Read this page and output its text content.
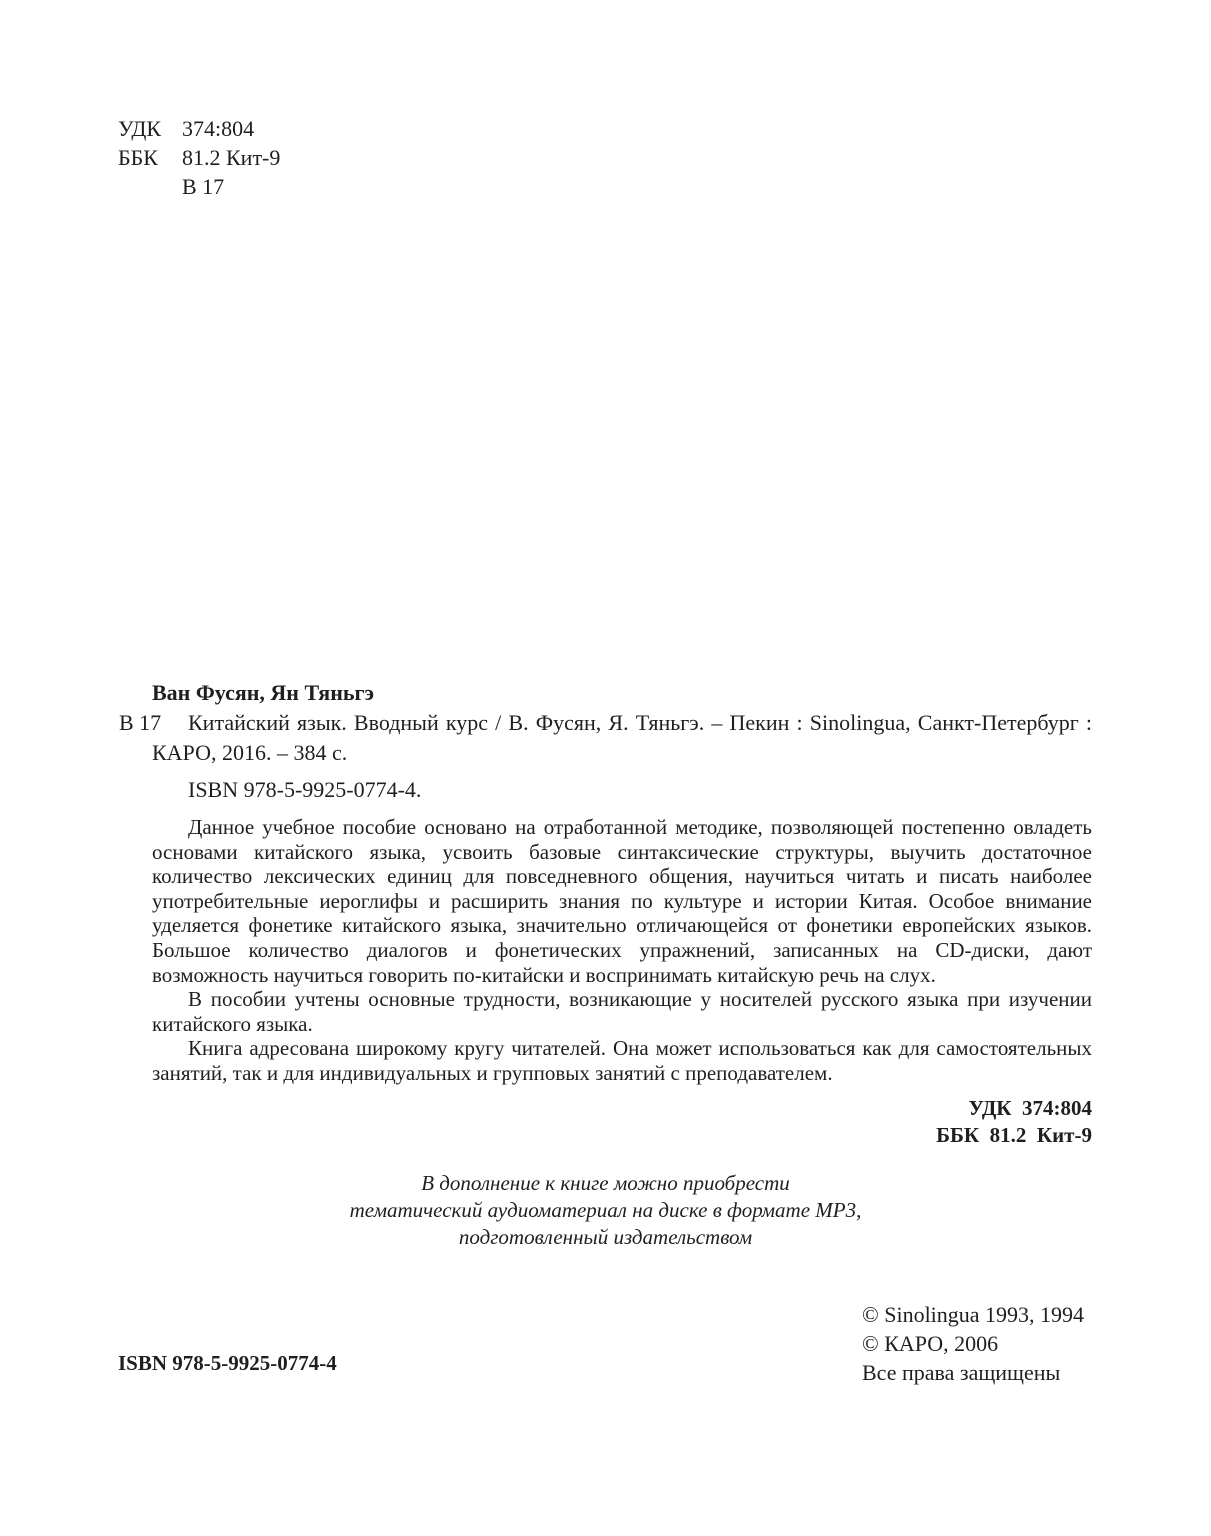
УДК 374:804
ББК 81.2 Кит-9
В 17
Ван Фусян, Ян Тяньгэ
В 17	Китайский язык. Вводный курс / В. Фусян, Я. Тяньгэ. – Пекин : Sinolingua, Санкт-Петербург : КАРО, 2016. – 384 с.

ISBN 978-5-9925-0774-4.

Данное учебное пособие основано на отработанной методике, позволяющей постепенно овладеть основами китайского языка, усвоить базовые синтаксические структуры, выучить достаточное количество лексических единиц для повседневного общения, научиться читать и писать наиболее употребительные иероглифы и расширить знания по культуре и истории Китая. Особое внимание уделяется фонетике китайского языка, значительно отличающейся от фонетики европейских языков. Большое количество диалогов и фонетических упражнений, записанных на CD-диски, дают возможность научиться говорить по-китайски и воспринимать китайскую речь на слух.

В пособии учтены основные трудности, возникающие у носителей русского языка при изучении китайского языка.

Книга адресована широкому кругу читателей. Она может использоваться как для самостоятельных занятий, так и для индивидуальных и групповых занятий с преподавателем.

УДК  374:804
ББК  81.2  Кит-9
В дополнение к книге можно приобрести
тематический аудиоматериал на диске в формате MP3,
подготовленный издательством
© Sinolingua 1993, 1994
© КАРО, 2006
Все права защищены
ISBN 978-5-9925-0774-4
